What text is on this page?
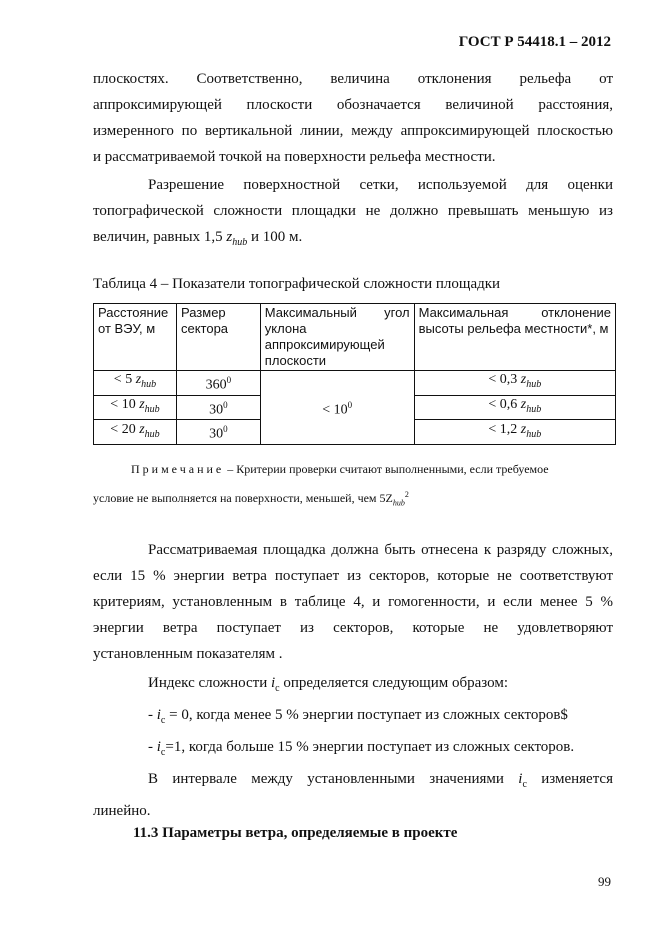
ГОСТ Р 54418.1 – 2012

плоскостях. Соответственно, величина отклонения рельефа от
аппроксимирующей плоскости обозначается величиной расстояния,
измеренного по вертикальной линии, между аппроксимирующей плоскостью
и рассматриваемой точкой на поверхности рельефа местности.

Разрешение поверхностной сетки, используемой для оценки
топографической сложности площадки не должно превышать меньшую из
величин, равных 1,5 $z_{hub}$ и 100 м.

Таблица 4 – Показатели топографической сложности площадки
Расстояние от ВЭУ, м	Размер сектора	Максимальный угол уклона аппроксимирующей плоскости	Максимальная отклонение высоты рельефа местности*, м
< 5 $z_{hub}$	$360^0$	< $10^0$	< 0,3 $z_{hub}$
< 10 $z_{hub}$	$30^0$		< 0,6 $z_{hub}$
< 20 $z_{hub}$	$30^0$		< 1,2 $z_{hub}$
Примечание – Критерии проверки считают выполненными, если требуемое
условие не выполняется на поверхности, меньшей, чем $5Z_{hub}^2$

Рассматриваемая площадка должна быть отнесена к разряду сложных,
если 15 % энергии ветра поступает из секторов, которые не соответствуют
критериям, установленным в таблице 4, и гомогенности, и если менее 5 %
энергии ветра поступает из секторов, которые не удовлетворяют
установленным показателям .

Индекс сложности $i_c$ определяется следующим образом:
- $i_c = 0$, когда менее 5 % энергии поступает из сложных секторов$
- $i_c=1$, когда больше 15 % энергии поступает из сложных секторов.
В интервале между установленными значениями $i_c$ изменяется
линейно.

11.3 Параметры ветра, определяемые в проекте
99
